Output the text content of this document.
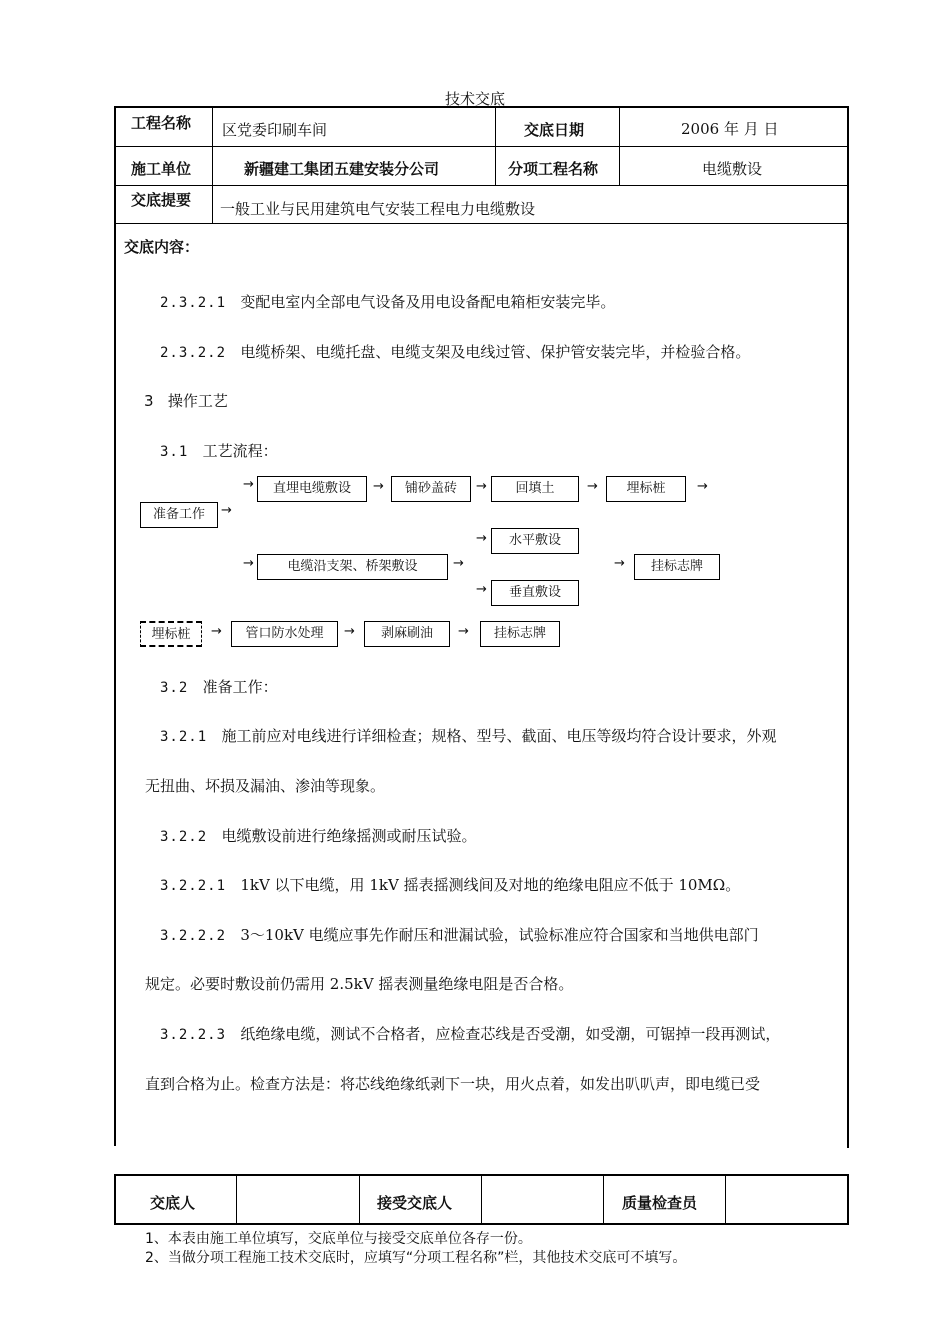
技术交底
工程名称 区党委印刷车间	交底日期	2006 年 月 日
施工单位	新疆建工集团五建安装分公司	分项工程名称	电缆敷设
交底提要 一般工业与民用建筑电气安装工程电力电缆敷设
交底内容：
2.3.2.1 变配电室内全部电气设备及用电设备配电箱柜安装完毕。
2.3.2.2 电缆桥架、电缆托盘、电缆支架及电线过管、保护管安装完毕，并检验合格。
3 操作工艺
3.1 工艺流程：
准备工作	→
→	直埋电缆敷设	→	铺砂盖砖	→	回填土	→	埋标桩	→
→	电缆沿支架、桥架敷设	→
→	水平敷设
→	垂直敷设
→	挂标志牌
埋标桩	→	管口防水处理	→	剥麻刷油	→	挂标志牌
3.2 准备工作：
3.2.1 施工前应对电线进行详细检查；规格、型号、截面、电压等级均符合设计要求，外观
无扭曲、坏损及漏油、渗油等现象。
3.2.2 电缆敷设前进行绝缘摇测或耐压试验。
3.2.2.1 1kV 以下电缆，用 1kV 摇表摇测线间及对地的绝缘电阻应不低于 10MΩ。
3.2.2.2 3～10kV 电缆应事先作耐压和泄漏试验，试验标准应符合国家和当地供电部门
规定。必要时敷设前仍需用 2.5kV 摇表测量绝缘电阻是否合格。
3.2.2.3 纸绝缘电缆，测试不合格者，应检查芯线是否受潮，如受潮，可锯掉一段再测试，
直到合格为止。检查方法是：将芯线绝缘纸剥下一块，用火点着，如发出叭叭声，即电缆已受
交底人	接受交底人	质量检查员
1、本表由施工单位填写，交底单位与接受交底单位各存一份。
2、当做分项工程施工技术交底时，应填写“分项工程名称”栏，其他技术交底可不填写。
